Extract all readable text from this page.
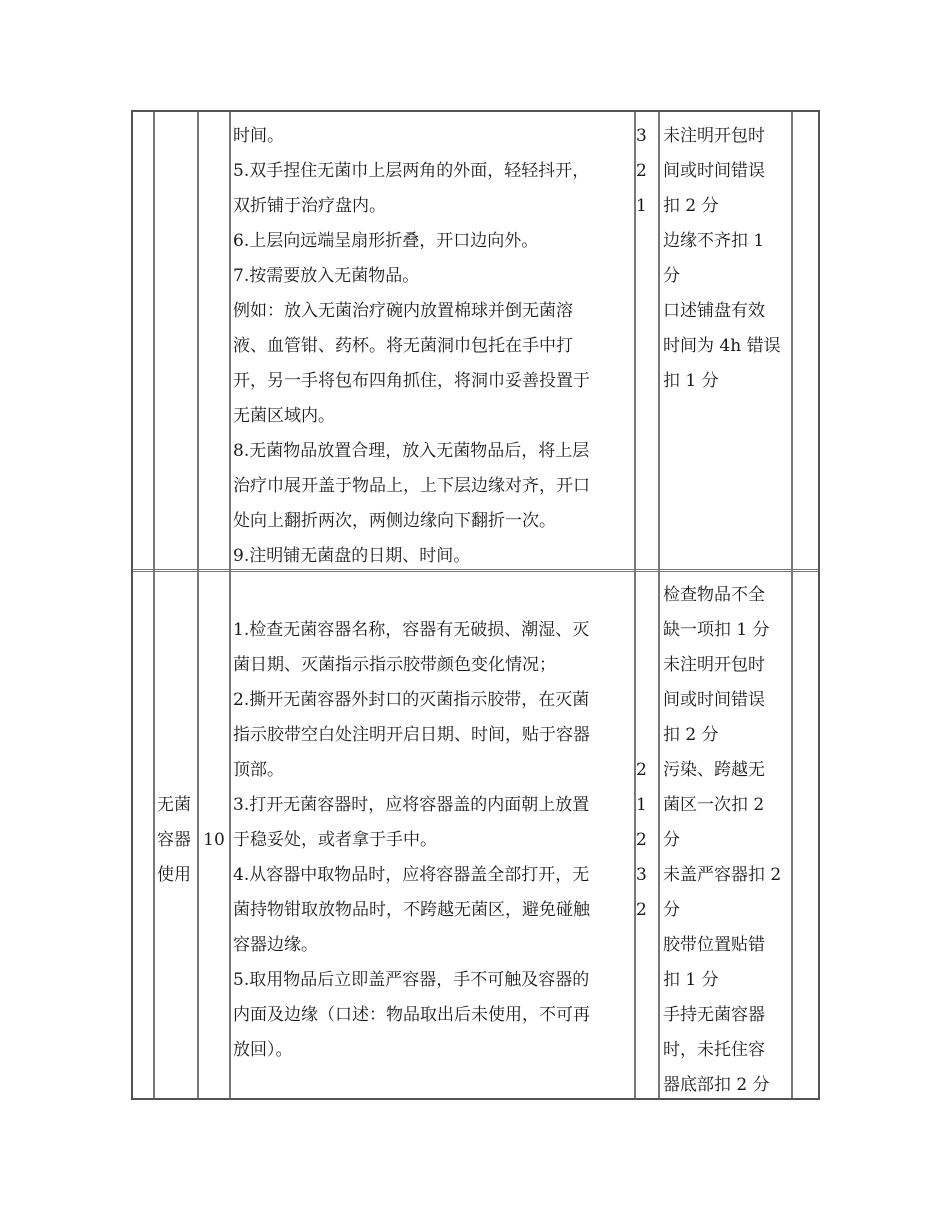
时间。
5.双手捏住无菌巾上层两角的外面，轻轻抖开，
双折铺于治疗盘内。
6.上层向远端呈扇形折叠，开口边向外。
7.按需要放入无菌物品。
例如：放入无菌治疗碗内放置棉球并倒无菌溶
液、血管钳、药杯。将无菌洞巾包托在手中打
开，另一手将包布四角抓住，将洞巾妥善投置于
无菌区域内。
8.无菌物品放置合理，放入无菌物品后，将上层
治疗巾展开盖于物品上，上下层边缘对齐，开口
处向上翻折两次，两侧边缘向下翻折一次。
9.注明铺无菌盘的日期、时间。
3
2
1
未注明开包时
间或时间错误
扣 2 分
边缘不齐扣 1
分
口述铺盘有效
时间为 4h 错误
扣 1 分
无菌
容器
使用
10

1.检查无菌容器名称，容器有无破损、潮湿、灭
菌日期、灭菌指示指示胶带颜色变化情况；
2.撕开无菌容器外封口的灭菌指示胶带，在灭菌
指示胶带空白处注明开启日期、时间，贴于容器
顶部。
3.打开无菌容器时，应将容器盖的内面朝上放置
于稳妥处，或者拿于手中。
4.从容器中取物品时，应将容器盖全部打开，无
菌持物钳取放物品时，不跨越无菌区，避免碰触
容器边缘。
5.取用物品后立即盖严容器，手不可触及容器的
内面及边缘（口述：物品取出后未使用，不可再
放回）。
2
1
2
3
2
检查物品不全
缺一项扣 1 分
未注明开包时
间或时间错误
扣 2 分
污染、跨越无
菌区一次扣 2
分
未盖严容器扣 2
分
胶带位置贴错
扣 1 分
手持无菌容器
时，未托住容
器底部扣 2 分
